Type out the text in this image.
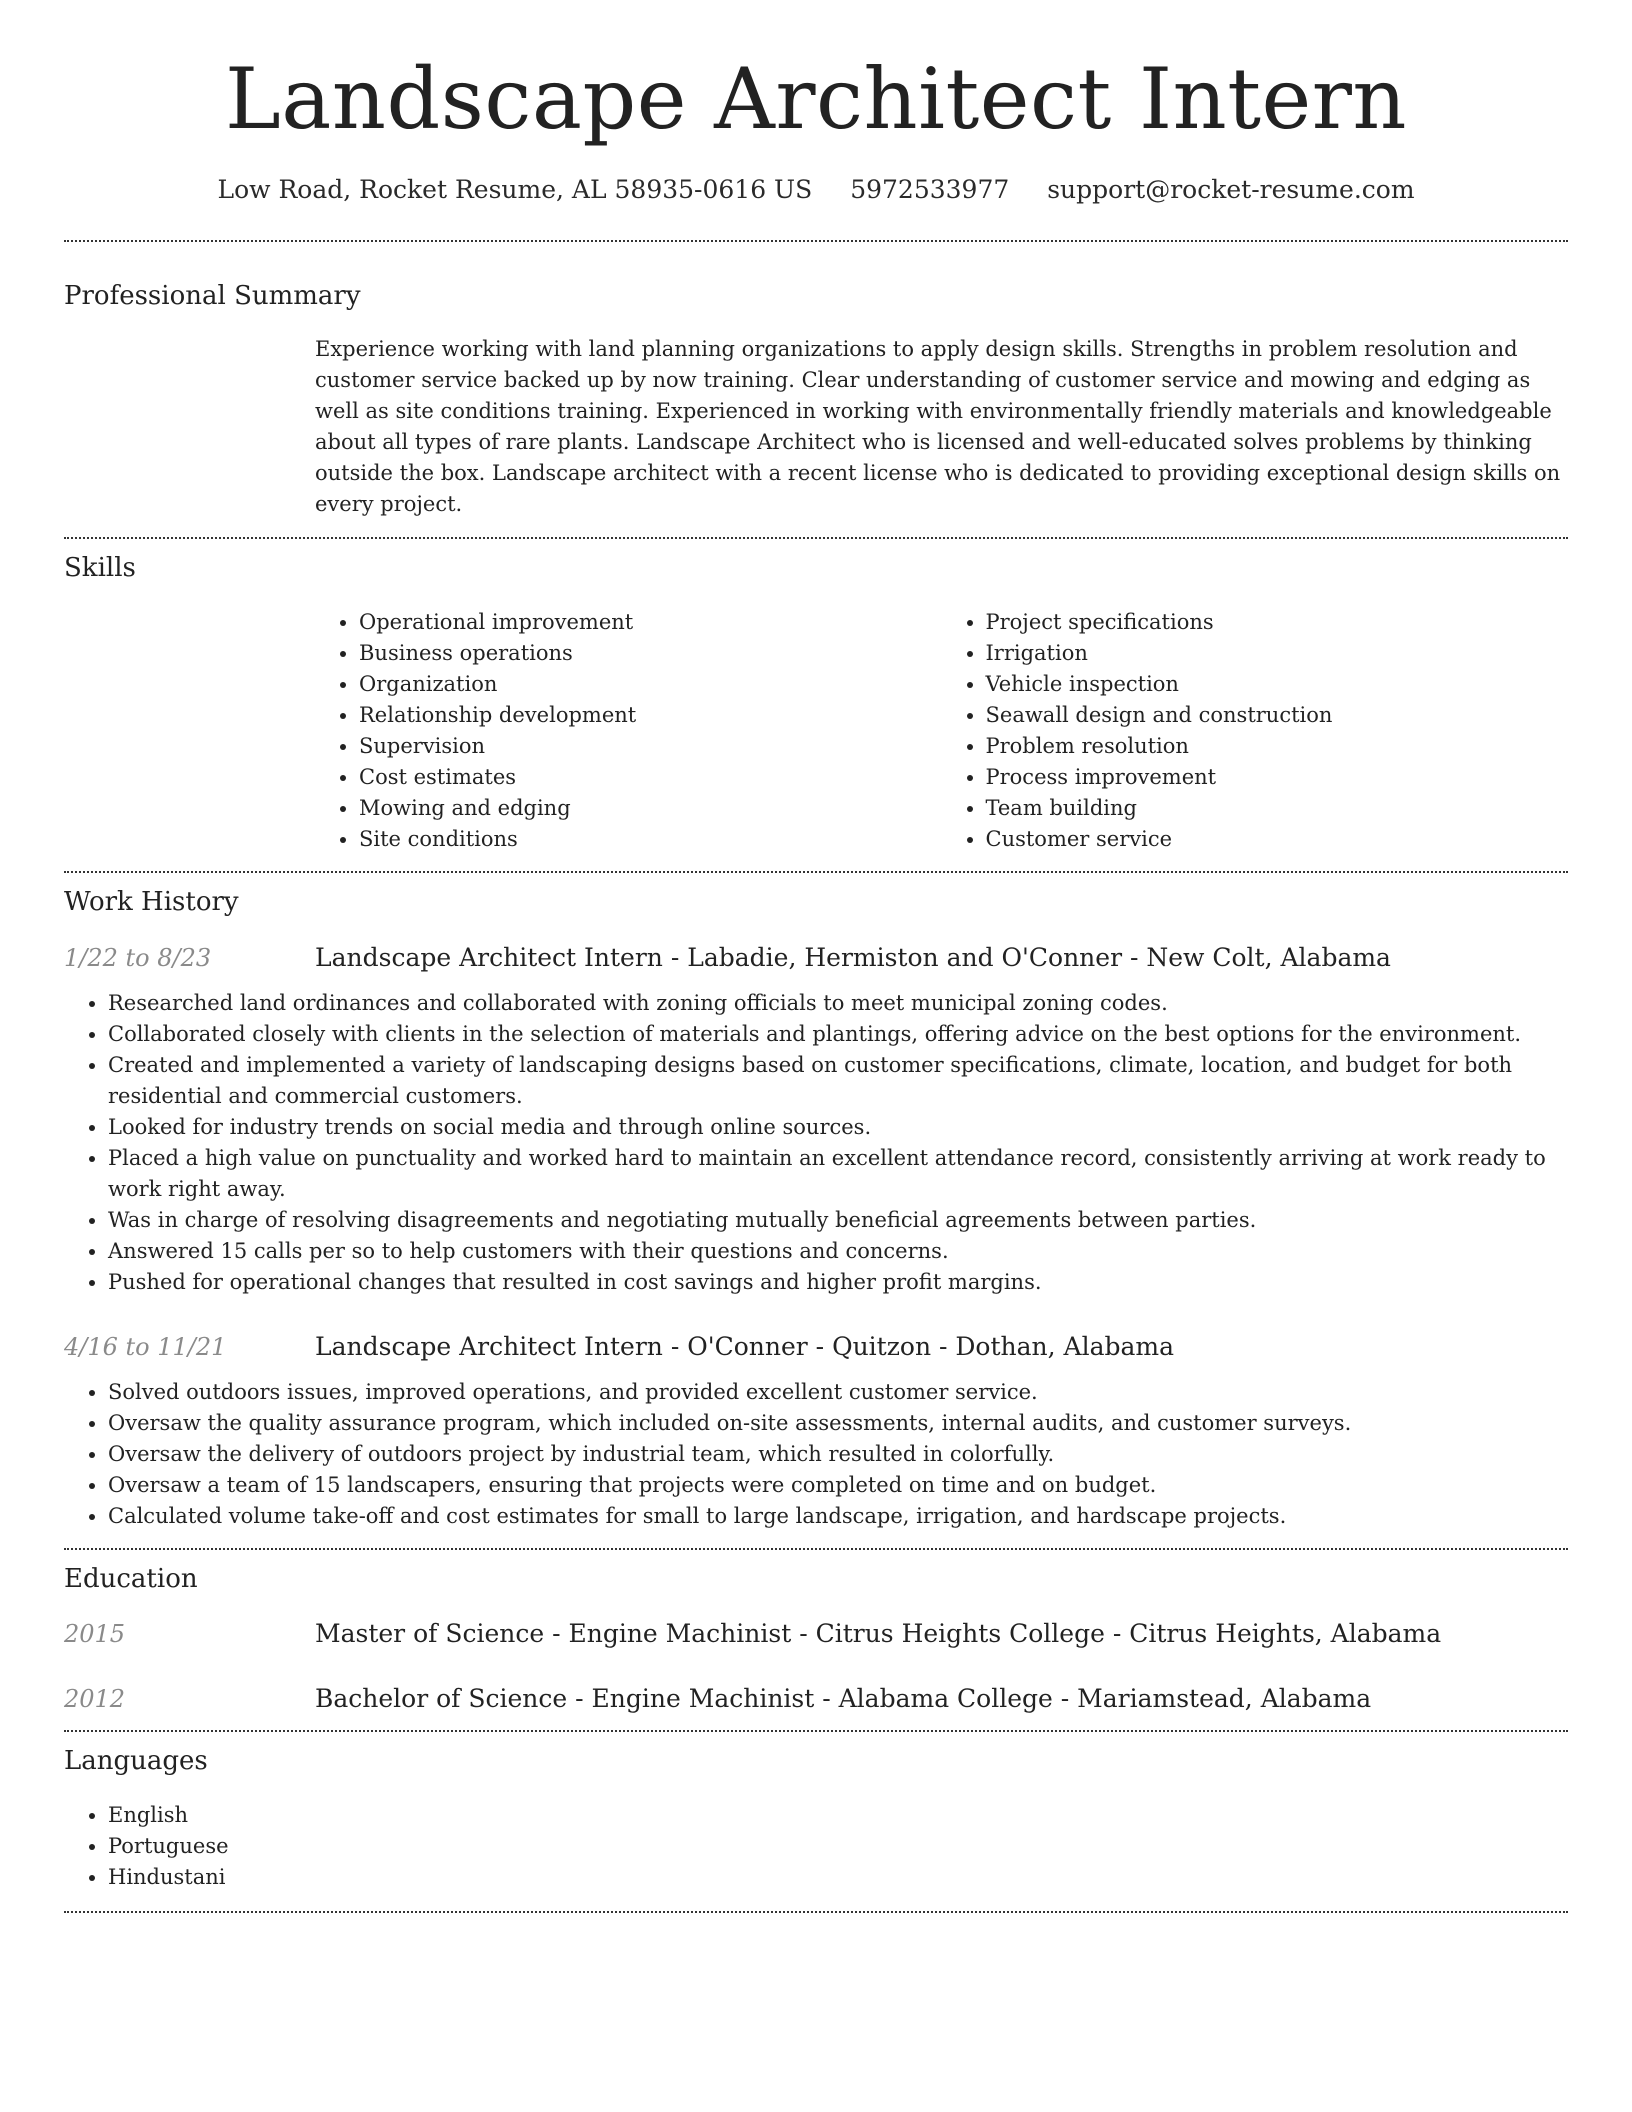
Landscape Architect Intern
Low Road, Rocket Resume, AL 58935-0616 US 5972533977 support@rocket-resume.com
Professional Summary
Experience working with land planning organizations to apply design skills. Strengths in problem resolution and customer service backed up by now training. Clear understanding of customer service and mowing and edging as well as site conditions training. Experienced in working with environmentally friendly materials and knowledgeable about all types of rare plants. Landscape Architect who is licensed and well-educated solves problems by thinking outside the box. Landscape architect with a recent license who is dedicated to providing exceptional design skills on every project.
Skills
• Operational improvement
• Business operations
• Organization
• Relationship development
• Supervision
• Cost estimates
• Mowing and edging
• Site conditions
• Project specifications
• Irrigation
• Vehicle inspection
• Seawall design and construction
• Problem resolution
• Process improvement
• Team building
• Customer service
Work History
1/22 to 8/23	Landscape Architect Intern - Labadie, Hermiston and O'Conner - New Colt, Alabama
• Researched land ordinances and collaborated with zoning officials to meet municipal zoning codes.
• Collaborated closely with clients in the selection of materials and plantings, offering advice on the best options for the environment.
• Created and implemented a variety of landscaping designs based on customer specifications, climate, location, and budget for both residential and commercial customers.
• Looked for industry trends on social media and through online sources.
• Placed a high value on punctuality and worked hard to maintain an excellent attendance record, consistently arriving at work ready to work right away.
• Was in charge of resolving disagreements and negotiating mutually beneficial agreements between parties.
• Answered 15 calls per so to help customers with their questions and concerns.
• Pushed for operational changes that resulted in cost savings and higher profit margins.
4/16 to 11/21	Landscape Architect Intern - O'Conner - Quitzon - Dothan, Alabama
• Solved outdoors issues, improved operations, and provided excellent customer service.
• Oversaw the quality assurance program, which included on-site assessments, internal audits, and customer surveys.
• Oversaw the delivery of outdoors project by industrial team, which resulted in colorfully.
• Oversaw a team of 15 landscapers, ensuring that projects were completed on time and on budget.
• Calculated volume take-off and cost estimates for small to large landscape, irrigation, and hardscape projects.
Education
2015	Master of Science - Engine Machinist - Citrus Heights College - Citrus Heights, Alabama
2012	Bachelor of Science - Engine Machinist - Alabama College - Mariamstead, Alabama
Languages
• English
• Portuguese
• Hindustani
